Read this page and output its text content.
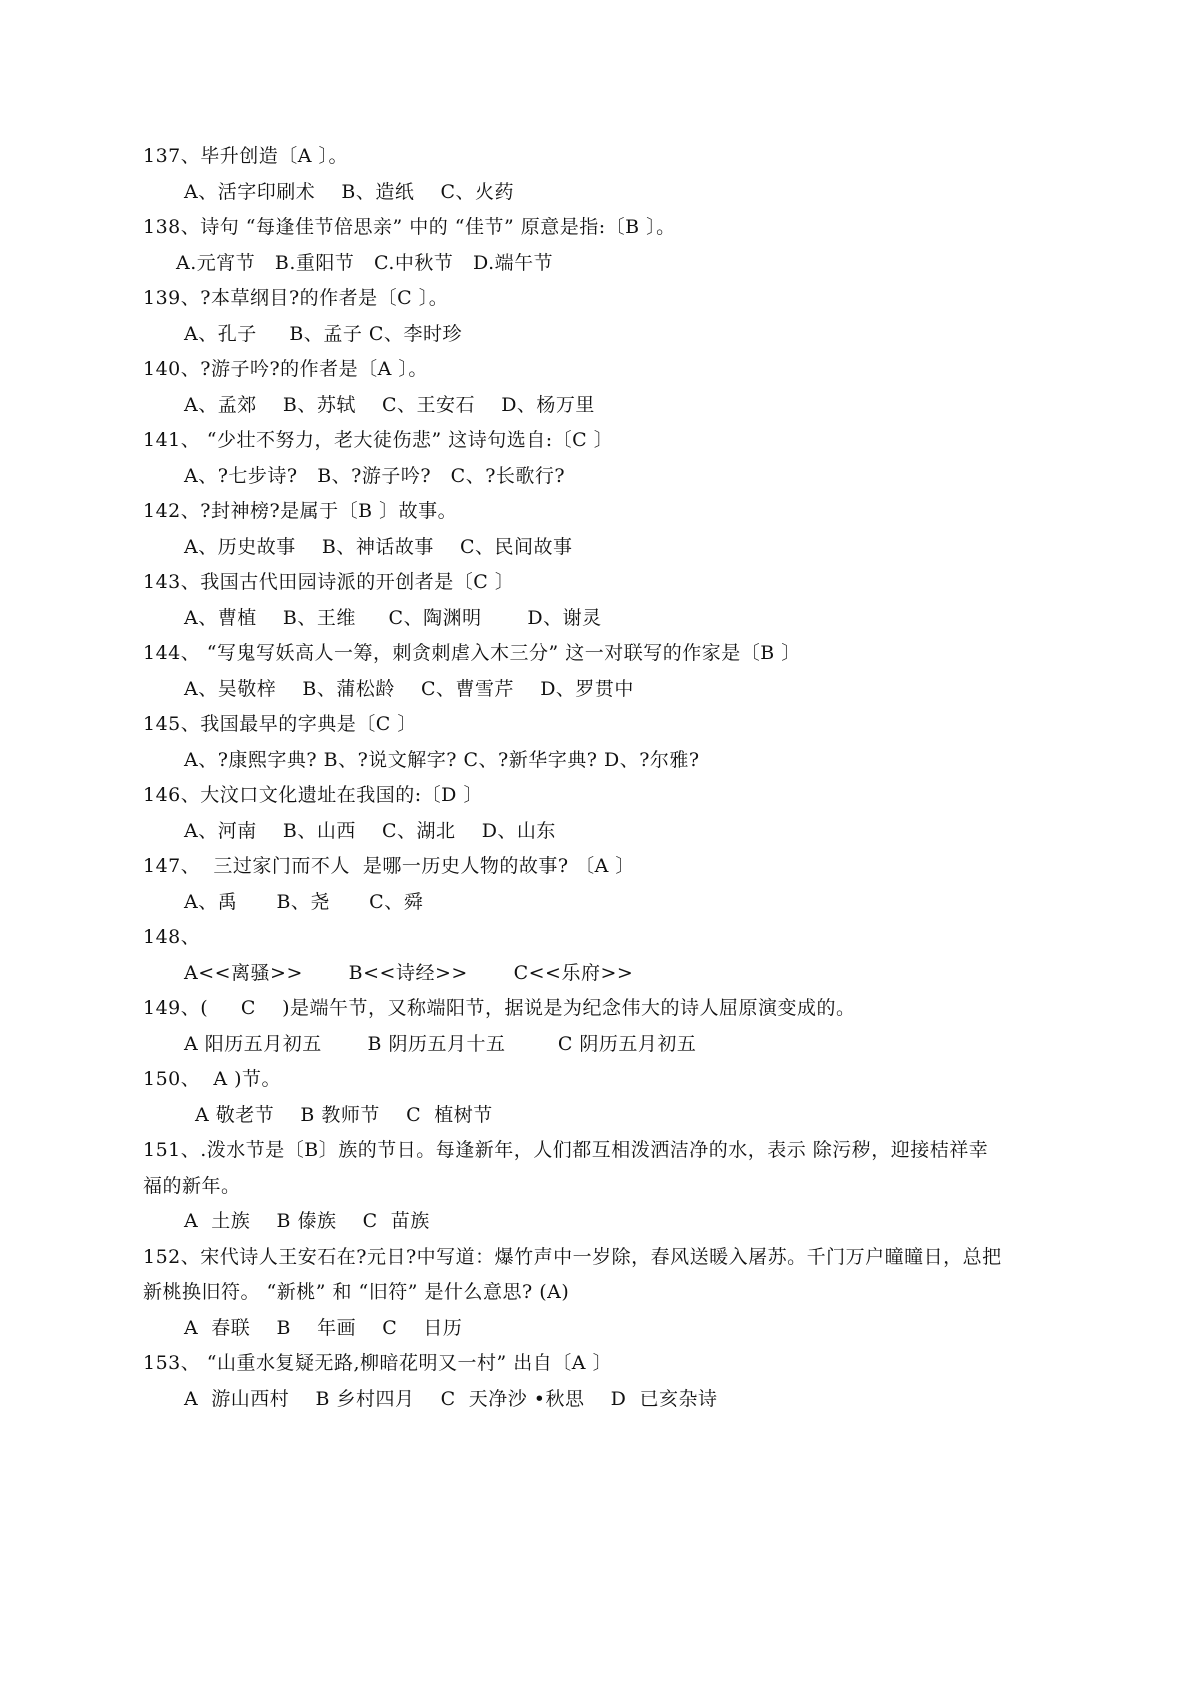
137、毕升创造〔A 〕。
A、活字印刷术    B、造纸    C、火药
138、诗句 “每逢佳节倍思亲” 中的 “佳节” 原意是指:〔B 〕。
A.元宵节   B.重阳节   C.中秋节   D.端午节
139、?本草纲目?的作者是〔C 〕。
A、孔子     B、孟子 C、李时珍
140、?游子吟?的作者是〔A 〕。
A、孟郊    B、苏轼    C、王安石    D、杨万里
141、 “少壮不努力，老大徒伤悲” 这诗句选自:〔C 〕
A、?七步诗?   B、?游子吟?   C、?长歌行?
142、?封神榜?是属于〔B 〕故事。
A、历史故事    B、神话故事    C、民间故事
143、我国古代田园诗派的开创者是〔C 〕
A、曹植    B、王维     C、陶渊明       D、谢灵
144、 “写鬼写妖高人一筹，刺贪刺虐入木三分” 这一对联写的作家是〔B 〕
A、吴敬梓    B、蒲松龄    C、曹雪芹    D、罗贯中
145、我国最早的字典是〔C 〕
A、?康熙字典? B、?说文解字? C、?新华字典? D、?尔雅?
146、大汶口文化遗址在我国的:〔D 〕
A、河南    B、山西    C、湖北    D、山东
147、  三过家门而不人  是哪一历史人物的故事? 〔A 〕
A、禹      B、尧      C、舜
148、
A<<离骚>>       B<<诗经>>       C<<乐府>>
149、(     C    )是端午节，又称端阳节，据说是为纪念伟大的诗人屈原演变成的。
A 阳历五月初五       B 阴历五月十五        C 阴历五月初五
150、  A )节。
A 敬老节    B 教师节    C  植树节
151、.泼水节是〔B〕族的节日。每逢新年，人们都互相泼洒洁净的水，表示 除污秽，迎接桔祥幸
福的新年。
A  土族    B 傣族    C  苗族
152、宋代诗人王安石在?元日?中写道：爆竹声中一岁除，春风送暖入屠苏。千门万户曈曈日，总把
新桃换旧符。 “新桃” 和 “旧符” 是什么意思? (A)
A  春联    B    年画    C    日历
153、 “山重水复疑无路,柳暗花明又一村” 出自〔A 〕
A  游山西村    B 乡村四月    C  天净沙 •秋思    D  已亥杂诗
